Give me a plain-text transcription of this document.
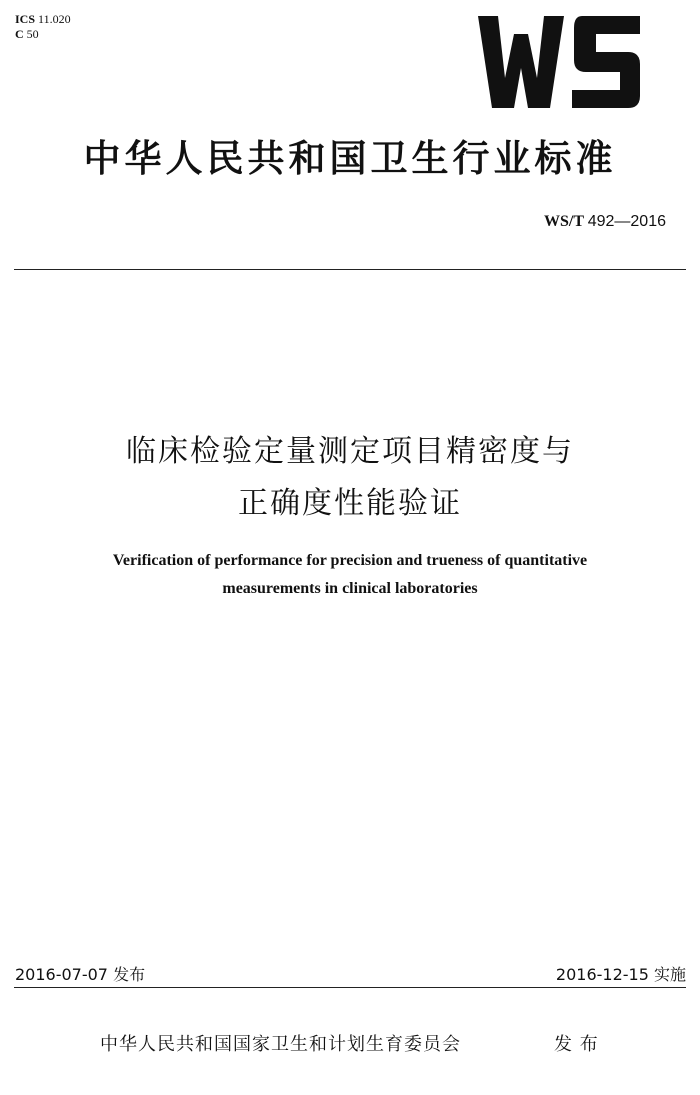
ICS 11.020
C 50
中华人民共和国卫生行业标准
WS/T 492—2016
临床检验定量测定项目精密度与
正确度性能验证
Verification of performance for precision and trueness of quantitative
measurements in clinical laboratories
2016-07-07 发布	2016-12-15 实施
中华人民共和国国家卫生和计划生育委员会	发 布
